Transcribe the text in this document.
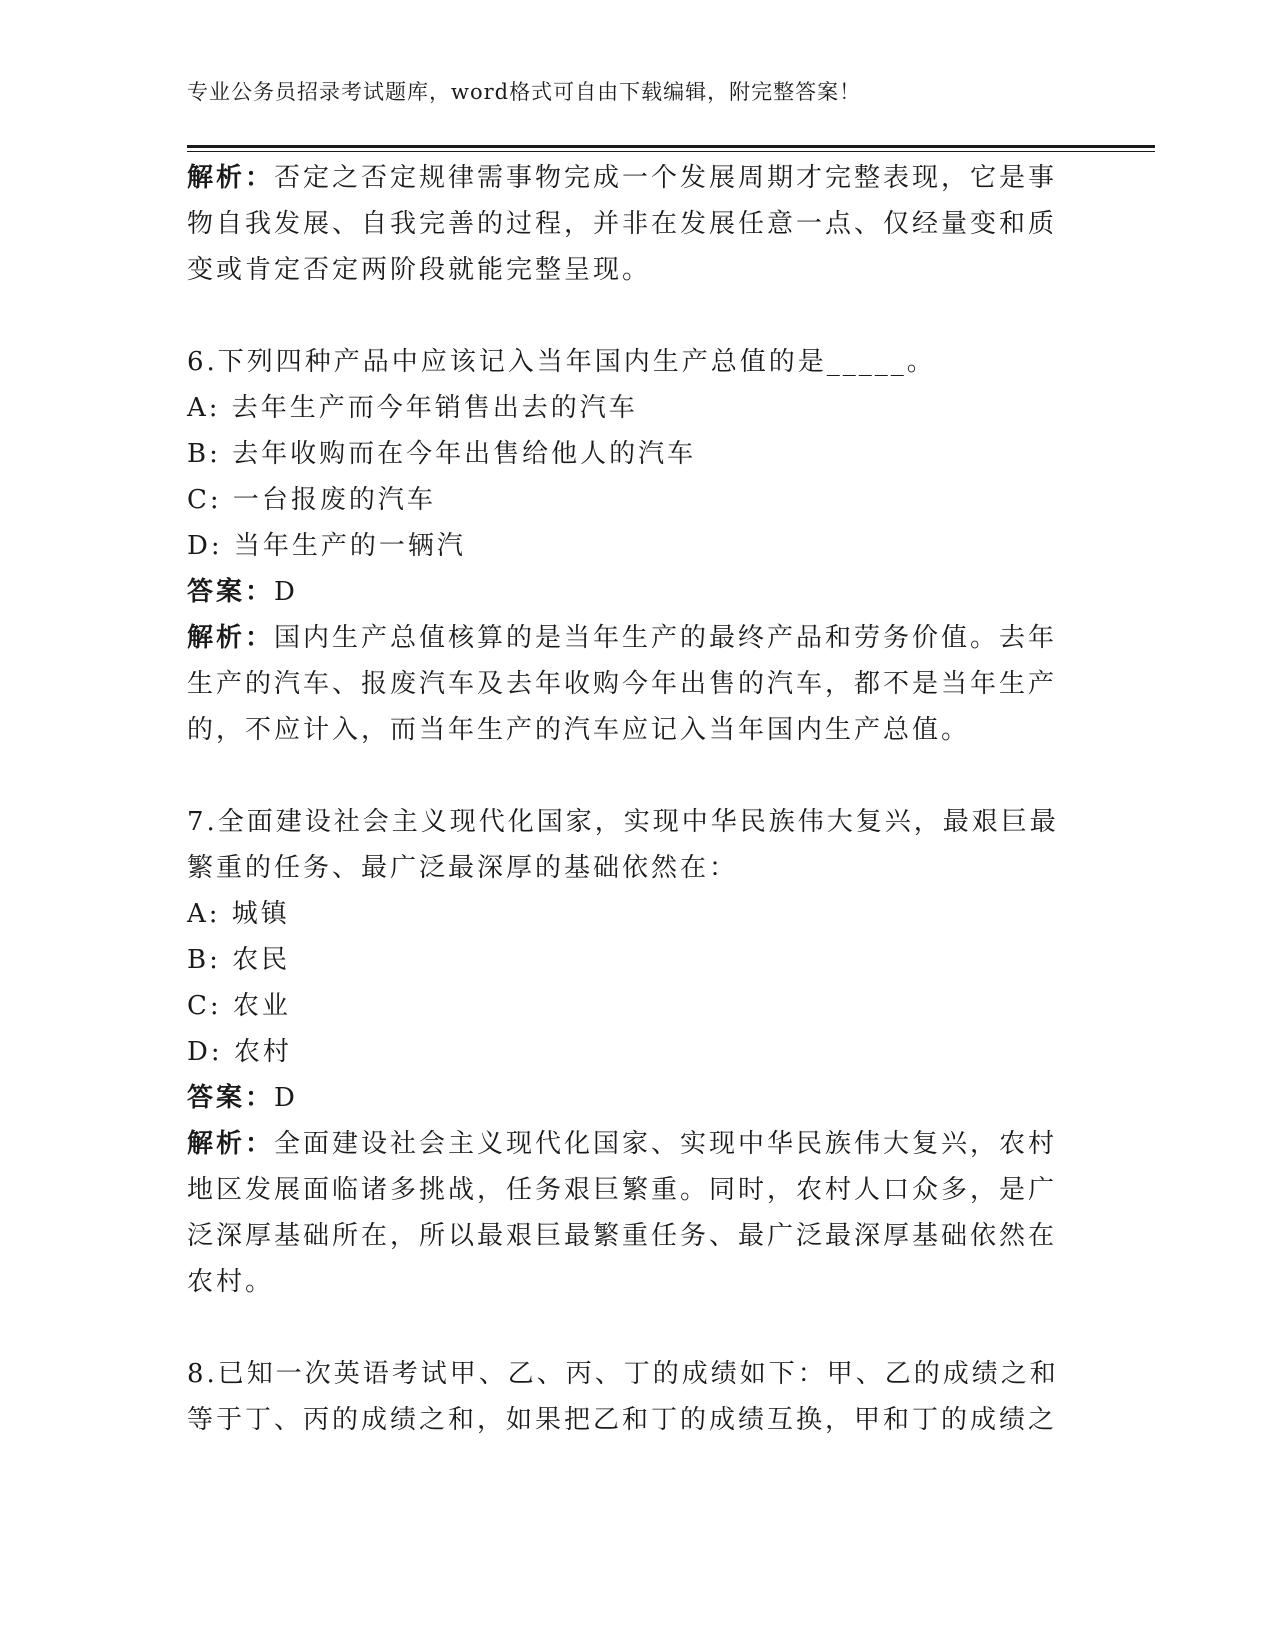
专业公务员招录考试题库，word格式可自由下载编辑，附完整答案！

解析：否定之否定规律需事物完成一个发展周期才完整表现，它是事

物自我发展、自我完善的过程，并非在发展任意一点、仅经量变和质

变或肯定否定两阶段就能完整呈现。

6.下列四种产品中应该记入当年国内生产总值的是_____。

A: 去年生产而今年销售出去的汽车

B: 去年收购而在今年出售给他人的汽车

C: 一台报废的汽车

D: 当年生产的一辆汽

答案：D

解析：国内生产总值核算的是当年生产的最终产品和劳务价值。去年

生产的汽车、报废汽车及去年收购今年出售的汽车，都不是当年生产

的，不应计入，而当年生产的汽车应记入当年国内生产总值。

7.全面建设社会主义现代化国家，实现中华民族伟大复兴，最艰巨最

繁重的任务、最广泛最深厚的基础依然在：

A: 城镇

B: 农民

C: 农业

D: 农村

答案：D

解析：全面建设社会主义现代化国家、实现中华民族伟大复兴，农村

地区发展面临诸多挑战，任务艰巨繁重。同时，农村人口众多，是广

泛深厚基础所在，所以最艰巨最繁重任务、最广泛最深厚基础依然在

农村。

8.已知一次英语考试甲、乙、丙、丁的成绩如下：甲、乙的成绩之和

等于丁、丙的成绩之和，如果把乙和丁的成绩互换，甲和丁的成绩之
